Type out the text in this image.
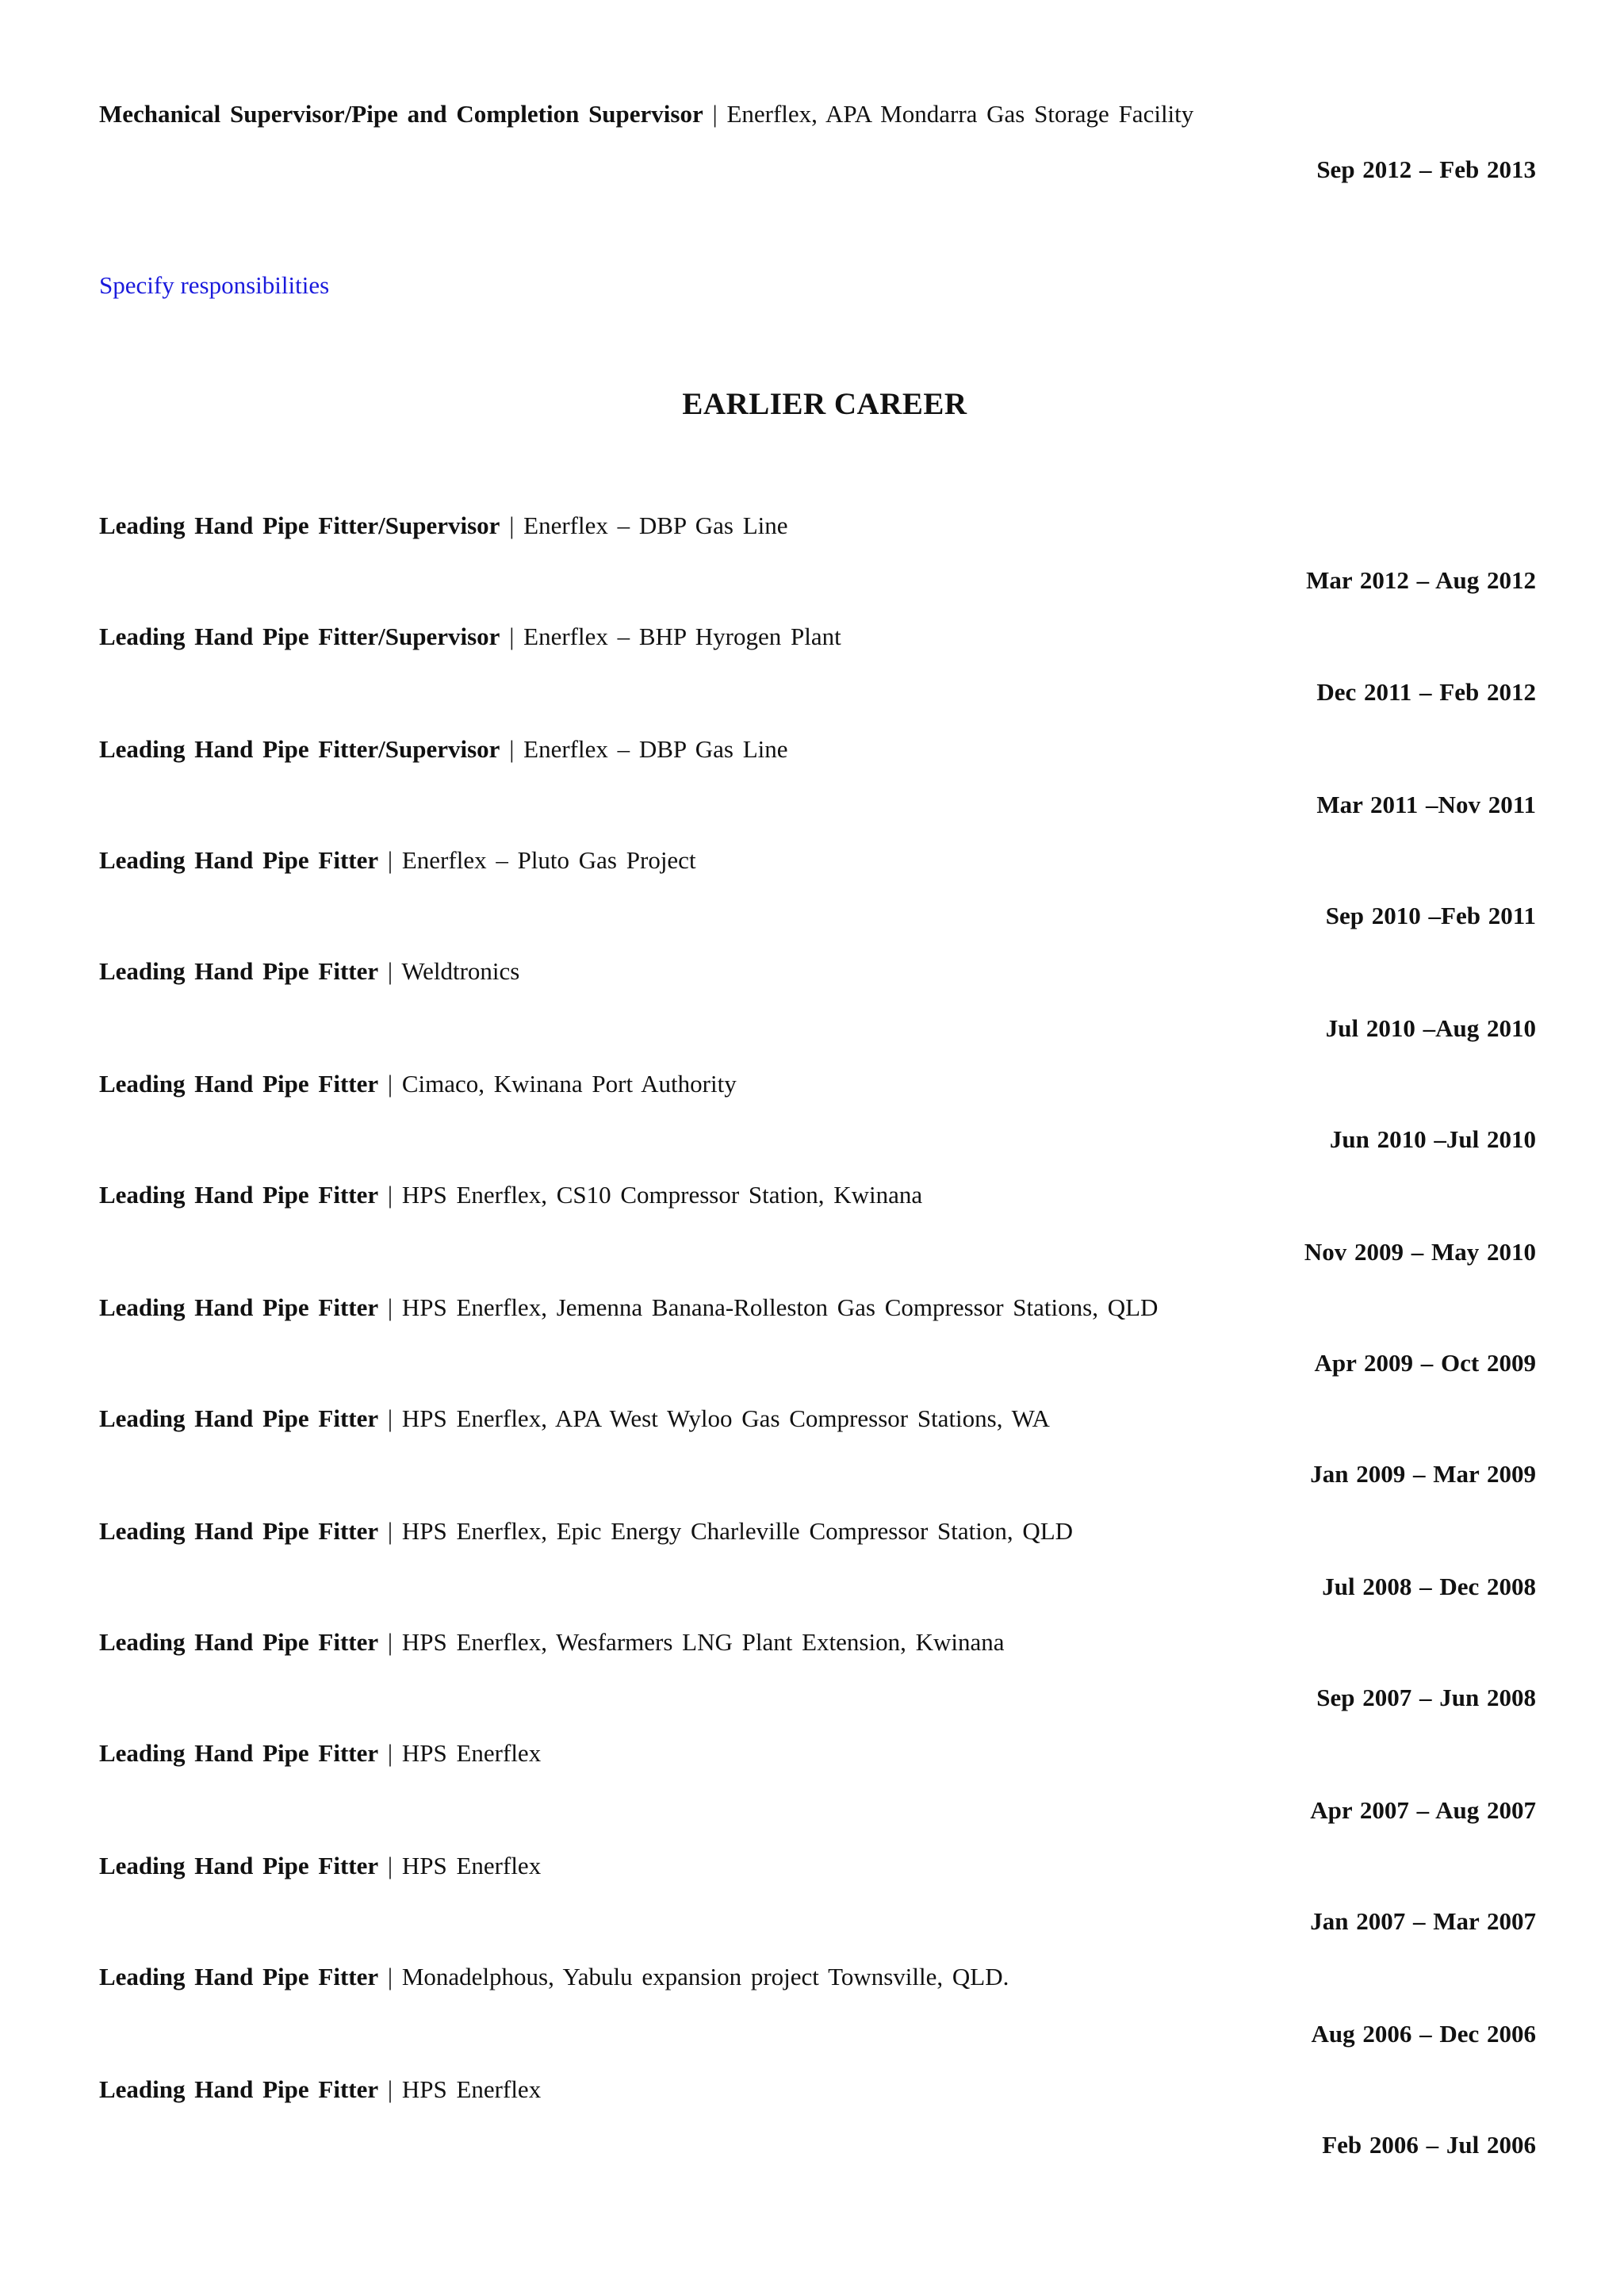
Mechanical Supervisor/Pipe and Completion Supervisor | Enerflex, APA Mondarra Gas Storage Facility
Sep 2012 – Feb 2013
Specify responsibilities
EARLIER CAREER
Leading Hand Pipe Fitter/Supervisor | Enerflex – DBP Gas Line
Mar 2012 – Aug 2012
Leading Hand Pipe Fitter/Supervisor | Enerflex – BHP Hyrogen Plant
Dec 2011 – Feb 2012
Leading Hand Pipe Fitter/Supervisor | Enerflex – DBP Gas Line
Mar 2011 –Nov 2011
Leading Hand Pipe Fitter | Enerflex – Pluto Gas Project
Sep 2010 –Feb 2011
Leading Hand Pipe Fitter | Weldtronics
Jul 2010 –Aug 2010
Leading Hand Pipe Fitter | Cimaco, Kwinana Port Authority
Jun 2010 –Jul 2010
Leading Hand Pipe Fitter | HPS Enerflex, CS10 Compressor Station, Kwinana
Nov 2009 – May 2010
Leading Hand Pipe Fitter | HPS Enerflex, Jemenna Banana-Rolleston Gas Compressor Stations, QLD
Apr 2009 – Oct 2009
Leading Hand Pipe Fitter | HPS Enerflex, APA West Wyloo Gas Compressor Stations, WA
Jan 2009 – Mar 2009
Leading Hand Pipe Fitter | HPS Enerflex, Epic Energy Charleville Compressor Station, QLD
Jul 2008 – Dec 2008
Leading Hand Pipe Fitter | HPS Enerflex, Wesfarmers LNG Plant Extension, Kwinana
Sep 2007 – Jun 2008
Leading Hand Pipe Fitter | HPS Enerflex
Apr 2007 – Aug 2007
Leading Hand Pipe Fitter | HPS Enerflex
Jan 2007 – Mar 2007
Leading Hand Pipe Fitter | Monadelphous, Yabulu expansion project Townsville, QLD.
Aug 2006 – Dec 2006
Leading Hand Pipe Fitter | HPS Enerflex
Feb 2006 – Jul 2006
